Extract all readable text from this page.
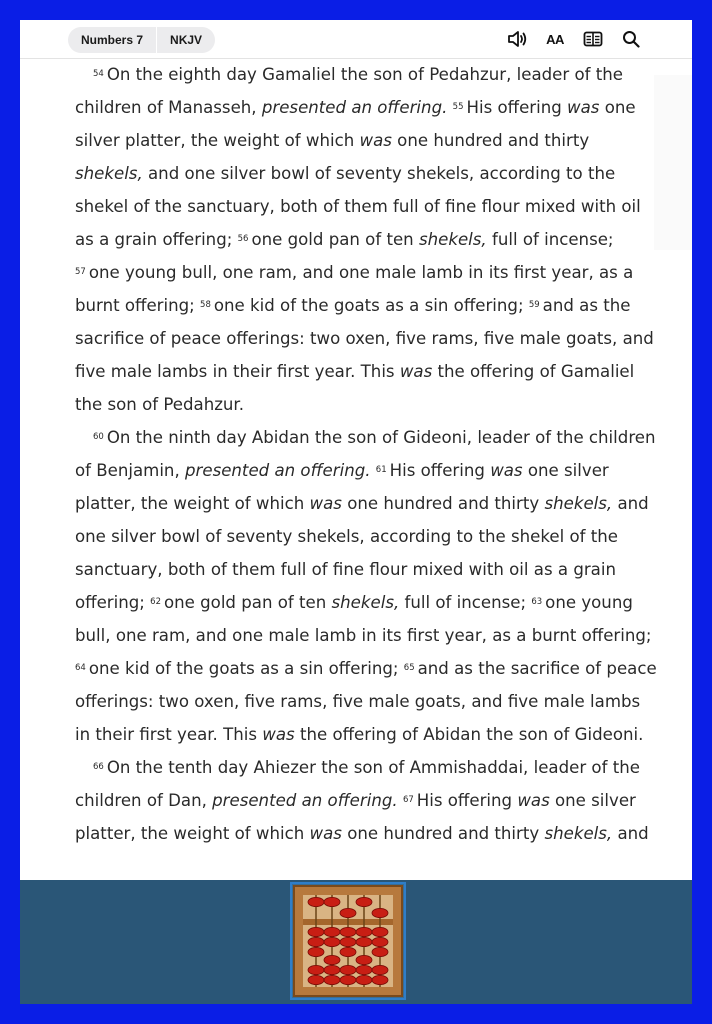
Numbers 7	NKJV	AA

$^{54}$ On the eighth day Gamaliel the son of Pedahzur, leader of the children of Manasseh, presented an offering. $^{55}$ His offering was one silver platter, the weight of which was one hundred and thirty shekels, and one silver bowl of seventy shekels, according to the shekel of the sanctuary, both of them full of fine flour mixed with oil as a grain offering; $^{56}$ one gold pan of ten shekels, full of incense; $^{57}$ one young bull, one ram, and one male lamb in its first year, as a burnt offering; $^{58}$ one kid of the goats as a sin offering; $^{59}$ and as the sacrifice of peace offerings: two oxen, five rams, five male goats, and five male lambs in their first year. This was the offering of Gamaliel the son of Pedahzur.

$^{60}$ On the ninth day Abidan the son of Gideoni, leader of the children of Benjamin, presented an offering. $^{61}$ His offering was one silver platter, the weight of which was one hundred and thirty shekels, and one silver bowl of seventy shekels, according to the shekel of the sanctuary, both of them full of fine flour mixed with oil as a grain offering; $^{62}$ one gold pan of ten shekels, full of incense; $^{63}$ one young bull, one ram, and one male lamb in its first year, as a burnt offering; $^{64}$ one kid of the goats as a sin offering; $^{65}$ and as the sacrifice of peace offerings: two oxen, five rams, five male goats, and five male lambs in their first year. This was the offering of Abidan the son of Gideoni.

$^{66}$ On the tenth day Ahiezer the son of Ammishaddai, leader of the children of Dan, presented an offering. $^{67}$ His offering was one silver platter, the weight of which was one hundred and thirty shekels, and
